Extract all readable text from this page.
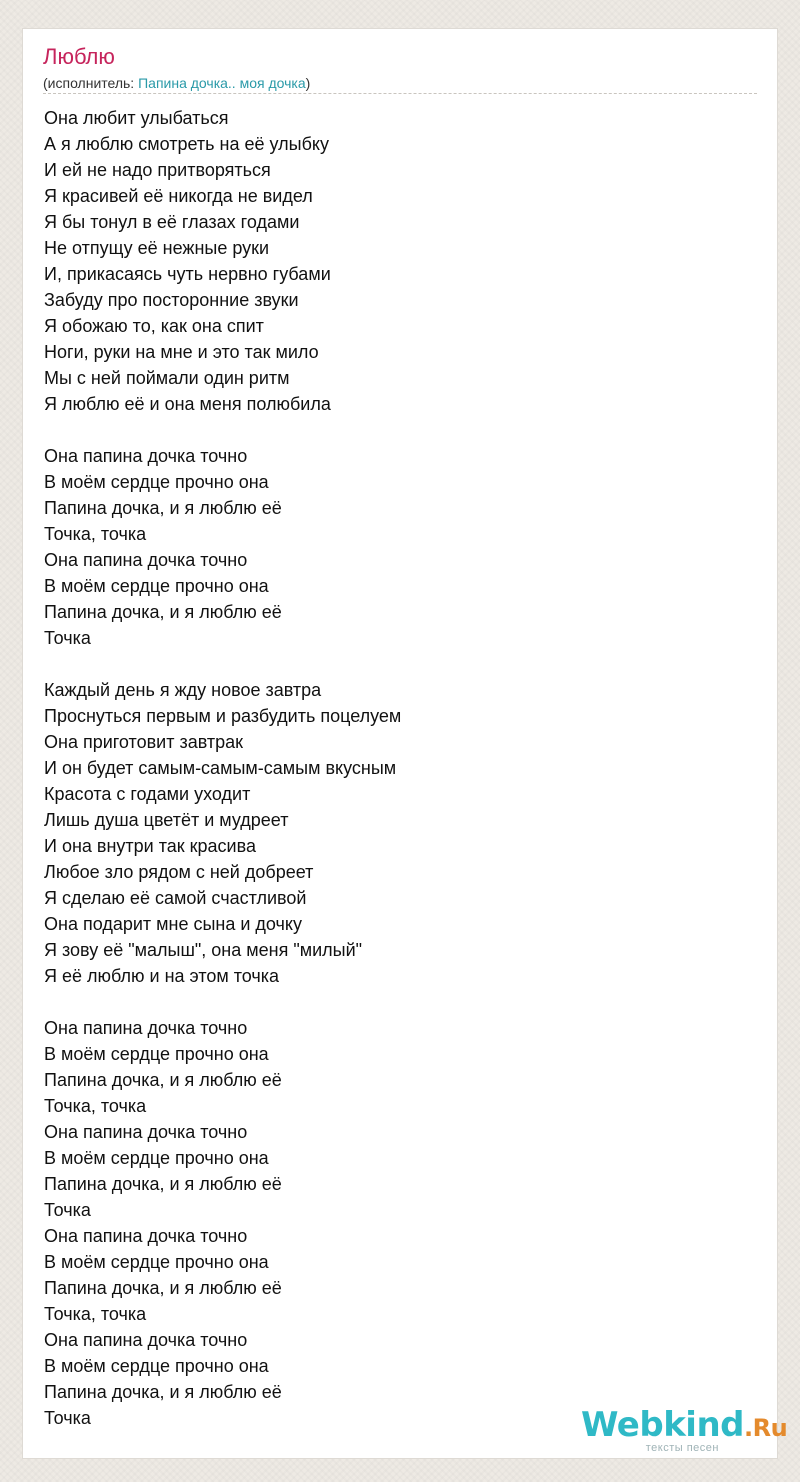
Люблю
(исполнитель: Папина дочка.. моя дочка)
Она любит улыбаться
А я люблю смотреть на её улыбку
И ей не надо притворяться
Я красивей её никогда не видел
Я бы тонул в её глазах годами
Не отпущу её нежные руки
И, прикасаясь чуть нервно губами
Забуду про посторонние звуки
Я обожаю то, как она спит
Ноги, руки на мне и это так мило
Мы с ней поймали один ритм
Я люблю её и она меня полюбила
Она папина дочка точно
В моём сердце прочно она
Папина дочка, и я люблю её
Точка, точка
Она папина дочка точно
В моём сердце прочно она
Папина дочка, и я люблю её
Точка
Каждый день я жду новое завтра
Проснуться первым и разбудить поцелуем
Она приготовит завтрак
И он будет самым-самым-самым вкусным
Красота с годами уходит
Лишь душа цветёт и мудреет
И она внутри так красива
Любое зло рядом с ней добреет
Я сделаю её самой счастливой
Она подарит мне сына и дочку
Я зову её "малыш", она меня "милый"
Я её люблю и на этом точка
Она папина дочка точно
В моём сердце прочно она
Папина дочка, и я люблю её
Точка, точка
Она папина дочка точно
В моём сердце прочно она
Папина дочка, и я люблю её
Точка
Она папина дочка точно
В моём сердце прочно она
Папина дочка, и я люблю её
Точка, точка
Она папина дочка точно
В моём сердце прочно она
Папина дочка, и я люблю её
Точка	Webkind.Ru
тексты песен
